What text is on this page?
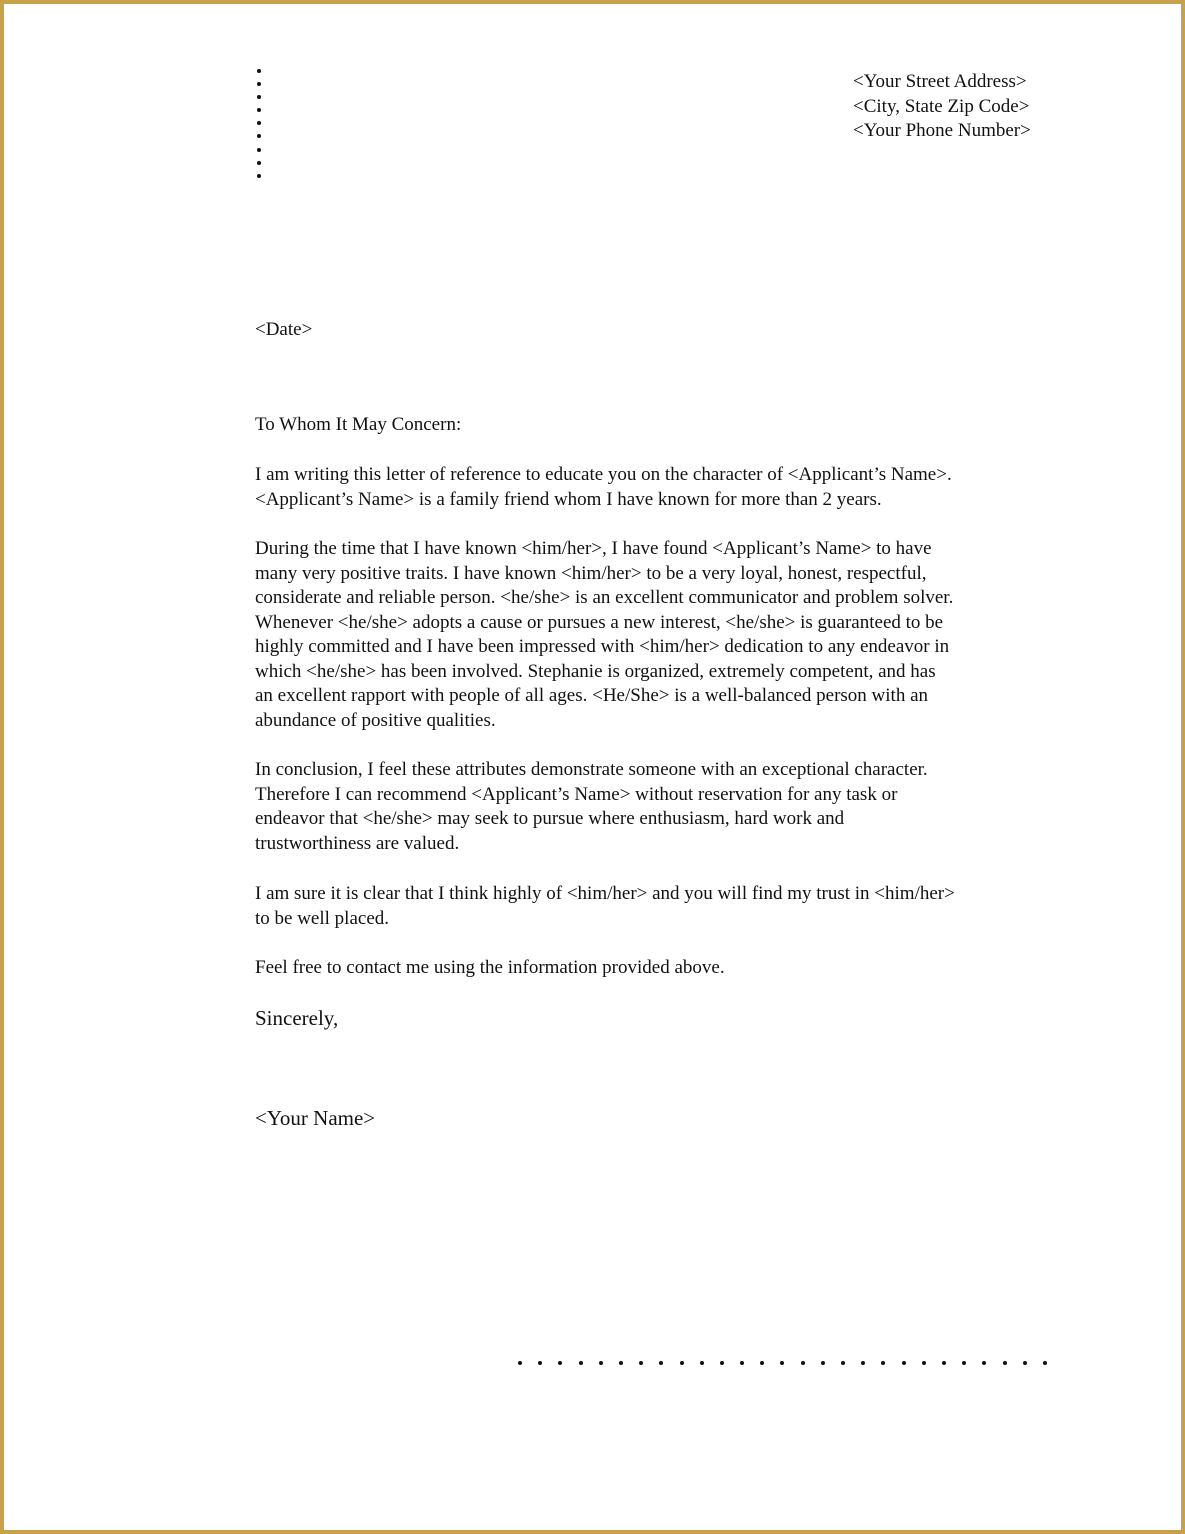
<Your Street Address>
<City, State Zip Code>
<Your Phone Number>
<Date>
To Whom It May Concern:
I am writing this letter of reference to educate you on the character of <Applicant’s Name>.
<Applicant’s Name> is a family friend whom I have known for more than 2 years.
During the time that I have known <him/her>, I have found <Applicant’s Name> to have
many very positive traits. I have known <him/her> to be a very loyal, honest, respectful,
considerate and reliable person. <he/she> is an excellent communicator and problem solver.
Whenever <he/she> adopts a cause or pursues a new interest, <he/she> is guaranteed to be
highly committed and I have been impressed with <him/her> dedication to any endeavor in
which <he/she> has been involved. Stephanie is organized, extremely competent, and has
an excellent rapport with people of all ages. <He/She> is a well-balanced person with an
abundance of positive qualities.
In conclusion, I feel these attributes demonstrate someone with an exceptional character.
Therefore I can recommend <Applicant’s Name> without reservation for any task or
endeavor that <he/she> may seek to pursue where enthusiasm, hard work and
trustworthiness are valued.
I am sure it is clear that I think highly of <him/her> and you will find my trust in <him/her>
to be well placed.
Feel free to contact me using the information provided above.
Sincerely,
<Your Name>
